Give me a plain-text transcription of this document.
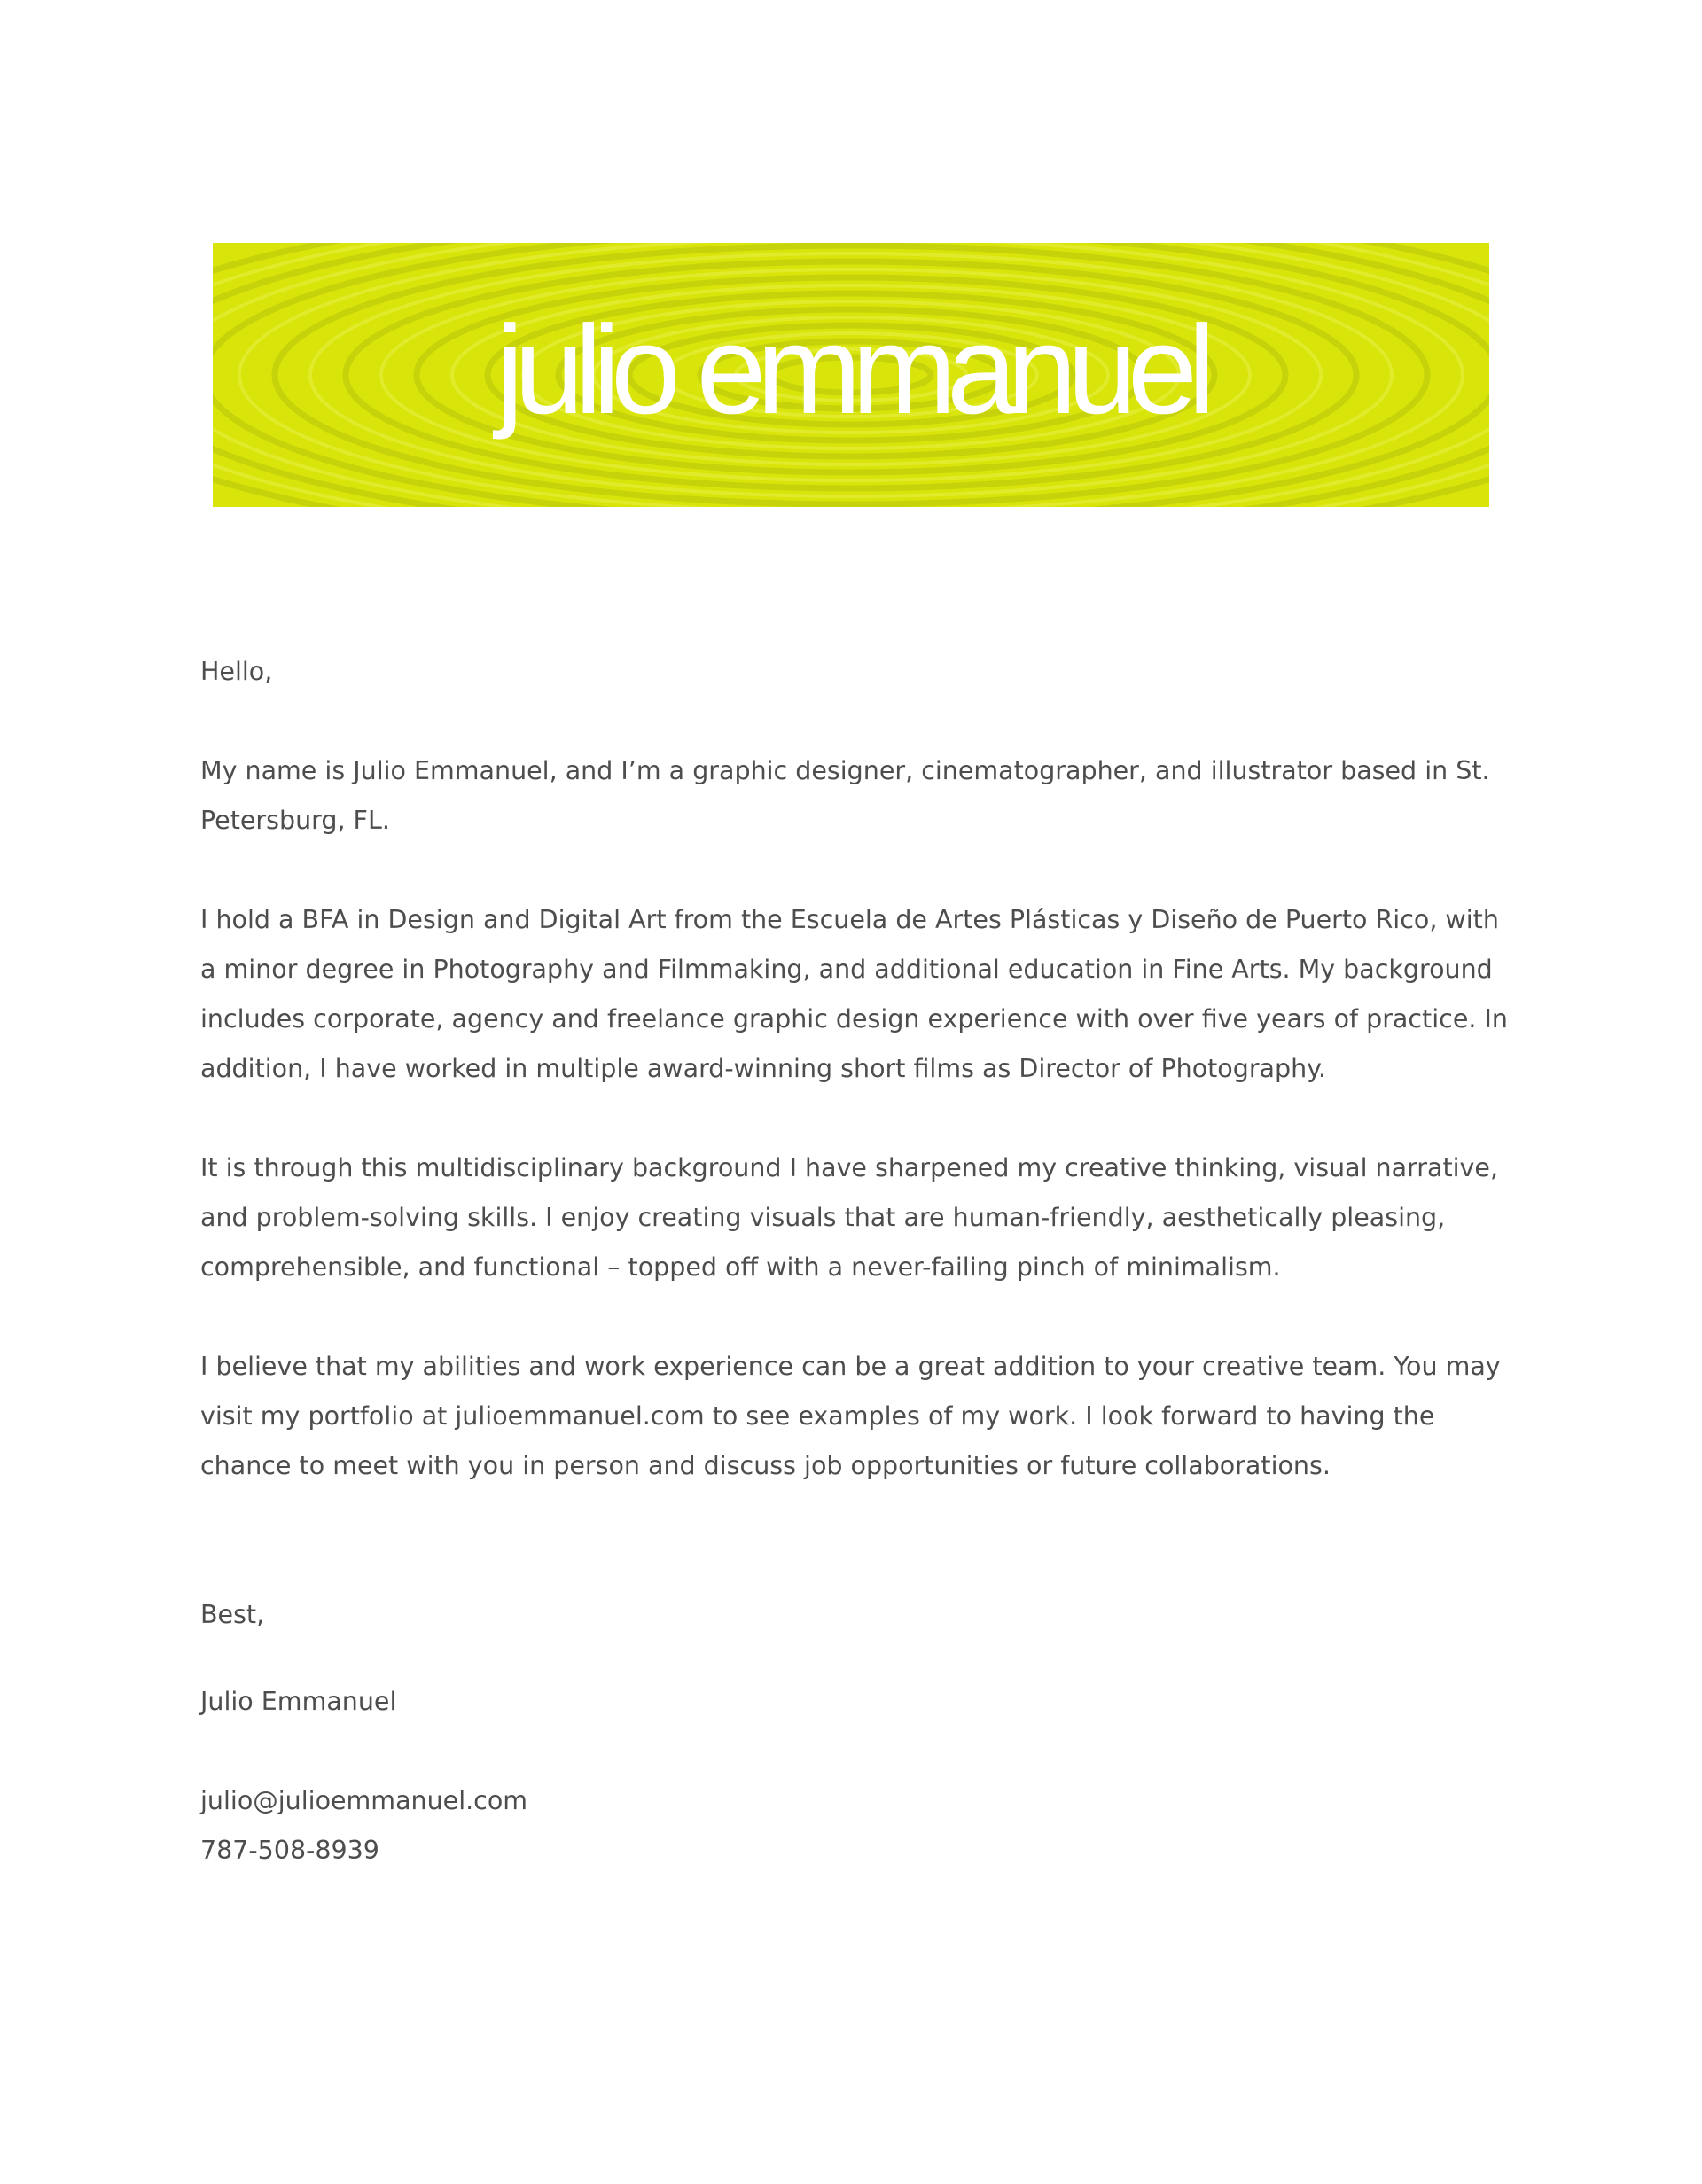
julio emmanuel

Hello,

My name is Julio Emmanuel, and I’m a graphic designer, cinematographer, and illustrator based in St. Petersburg, FL.

I hold a BFA in Design and Digital Art from the Escuela de Artes Plásticas y Diseño de Puerto Rico, with a minor degree in Photography and Filmmaking, and additional education in Fine Arts. My background includes corporate, agency and freelance graphic design experience with over five years of practice. In addition, I have worked in multiple award-winning short films as Director of Photography.

It is through this multidisciplinary background I have sharpened my creative thinking, visual narrative, and problem-solving skills. I enjoy creating visuals that are human-friendly, aesthetically pleasing, comprehensible, and functional – topped off with a never-failing pinch of minimalism.

I believe that my abilities and work experience can be a great addition to your creative team. You may visit my portfolio at julioemmanuel.com to see examples of my work. I look forward to having the chance to meet with you in person and discuss job opportunities or future collaborations.

Best,

Julio Emmanuel

julio@julioemmanuel.com

787-508-8939
